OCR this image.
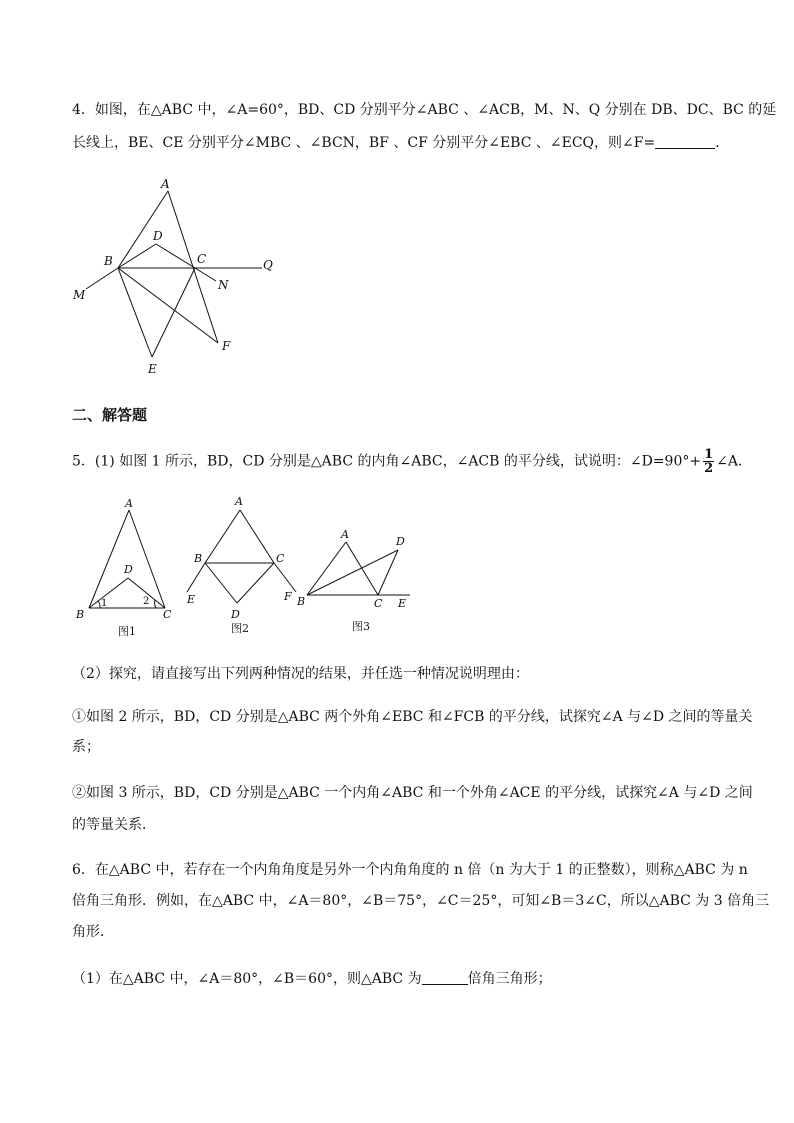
4．如图，在△ABC 中，∠A=60°，BD、CD 分别平分∠ABC 、∠ACB，M、N、Q 分别在 DB、DC、BC 的延
长线上，BE、CE 分别平分∠MBC 、∠BCN，BF 、CF 分别平分∠EBC 、∠ECQ，则∠F=	．
A
B	C
D
Q
M
N
F
E
二、解答题
5．(1) 如图 1 所示，BD，CD 分别是△ABC 的内角∠ABC，∠ACB 的平分线，试说明：∠D=90°+ $\frac{1}{2}$ ∠A．
A
B	C
D
1	2
图1
A
B	C
D
E	F
图2
A
B	C
D
E
图3
（2）探究，请直接写出下列两种情况的结果，并任选一种情况说明理由：
①如图 2 所示，BD，CD 分别是△ABC 两个外角∠EBC 和∠FCB 的平分线，试探究∠A 与∠D 之间的等量关
系；
②如图 3 所示，BD，CD 分别是△ABC 一个内角∠ABC 和一个外角∠ACE 的平分线，试探究∠A 与∠D 之间
的等量关系．
6．在△ABC 中，若存在一个内角角度是另外一个内角角度的 n 倍（n 为大于 1 的正整数），则称△ABC 为 n
倍角三角形．例如，在△ABC 中，∠A＝80°，∠B＝75°，∠C＝25°，可知∠B＝3∠C，所以△ABC 为 3 倍角三
角形．
（1）在△ABC 中，∠A＝80°，∠B＝60°，则△ABC 为	倍角三角形；
